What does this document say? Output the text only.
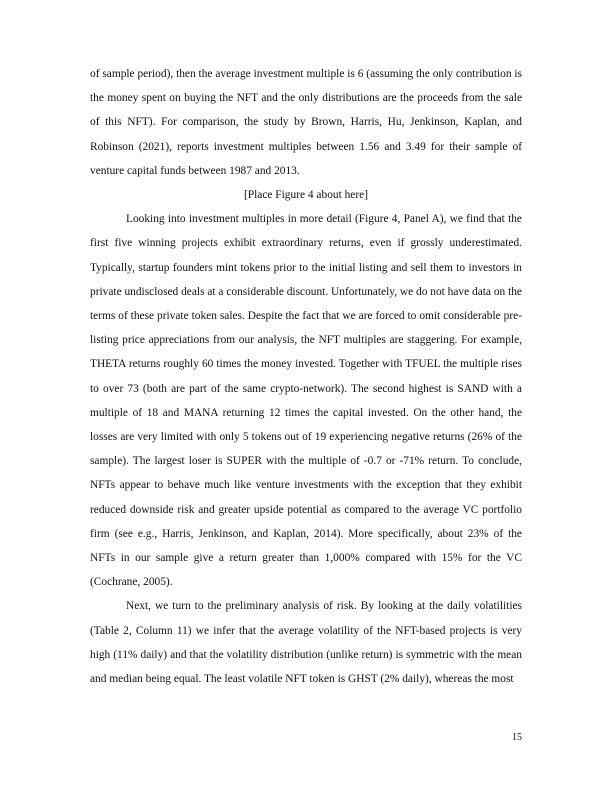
of sample period), then the average investment multiple is 6 (assuming the only contribution is the money spent on buying the NFT and the only distributions are the proceeds from the sale of this NFT). For comparison, the study by Brown, Harris, Hu, Jenkinson, Kaplan, and Robinson (2021), reports investment multiples between 1.56 and 3.49 for their sample of venture capital funds between 1987 and 2013.

[Place Figure 4 about here]

Looking into investment multiples in more detail (Figure 4, Panel A), we find that the first five winning projects exhibit extraordinary returns, even if grossly underestimated. Typically, startup founders mint tokens prior to the initial listing and sell them to investors in private undisclosed deals at a considerable discount. Unfortunately, we do not have data on the terms of these private token sales. Despite the fact that we are forced to omit considerable pre-listing price appreciations from our analysis, the NFT multiples are staggering. For example, THETA returns roughly 60 times the money invested. Together with TFUEL the multiple rises to over 73 (both are part of the same crypto-network). The second highest is SAND with a multiple of 18 and MANA returning 12 times the capital invested. On the other hand, the losses are very limited with only 5 tokens out of 19 experiencing negative returns (26% of the sample). The largest loser is SUPER with the multiple of -0.7 or -71% return. To conclude, NFTs appear to behave much like venture investments with the exception that they exhibit reduced downside risk and greater upside potential as compared to the average VC portfolio firm (see e.g., Harris, Jenkinson, and Kaplan, 2014). More specifically, about 23% of the NFTs in our sample give a return greater than 1,000% compared with 15% for the VC (Cochrane, 2005).

Next, we turn to the preliminary analysis of risk. By looking at the daily volatilities (Table 2, Column 11) we infer that the average volatility of the NFT-based projects is very high (11% daily) and that the volatility distribution (unlike return) is symmetric with the mean and median being equal. The least volatile NFT token is GHST (2% daily), whereas the most

15
